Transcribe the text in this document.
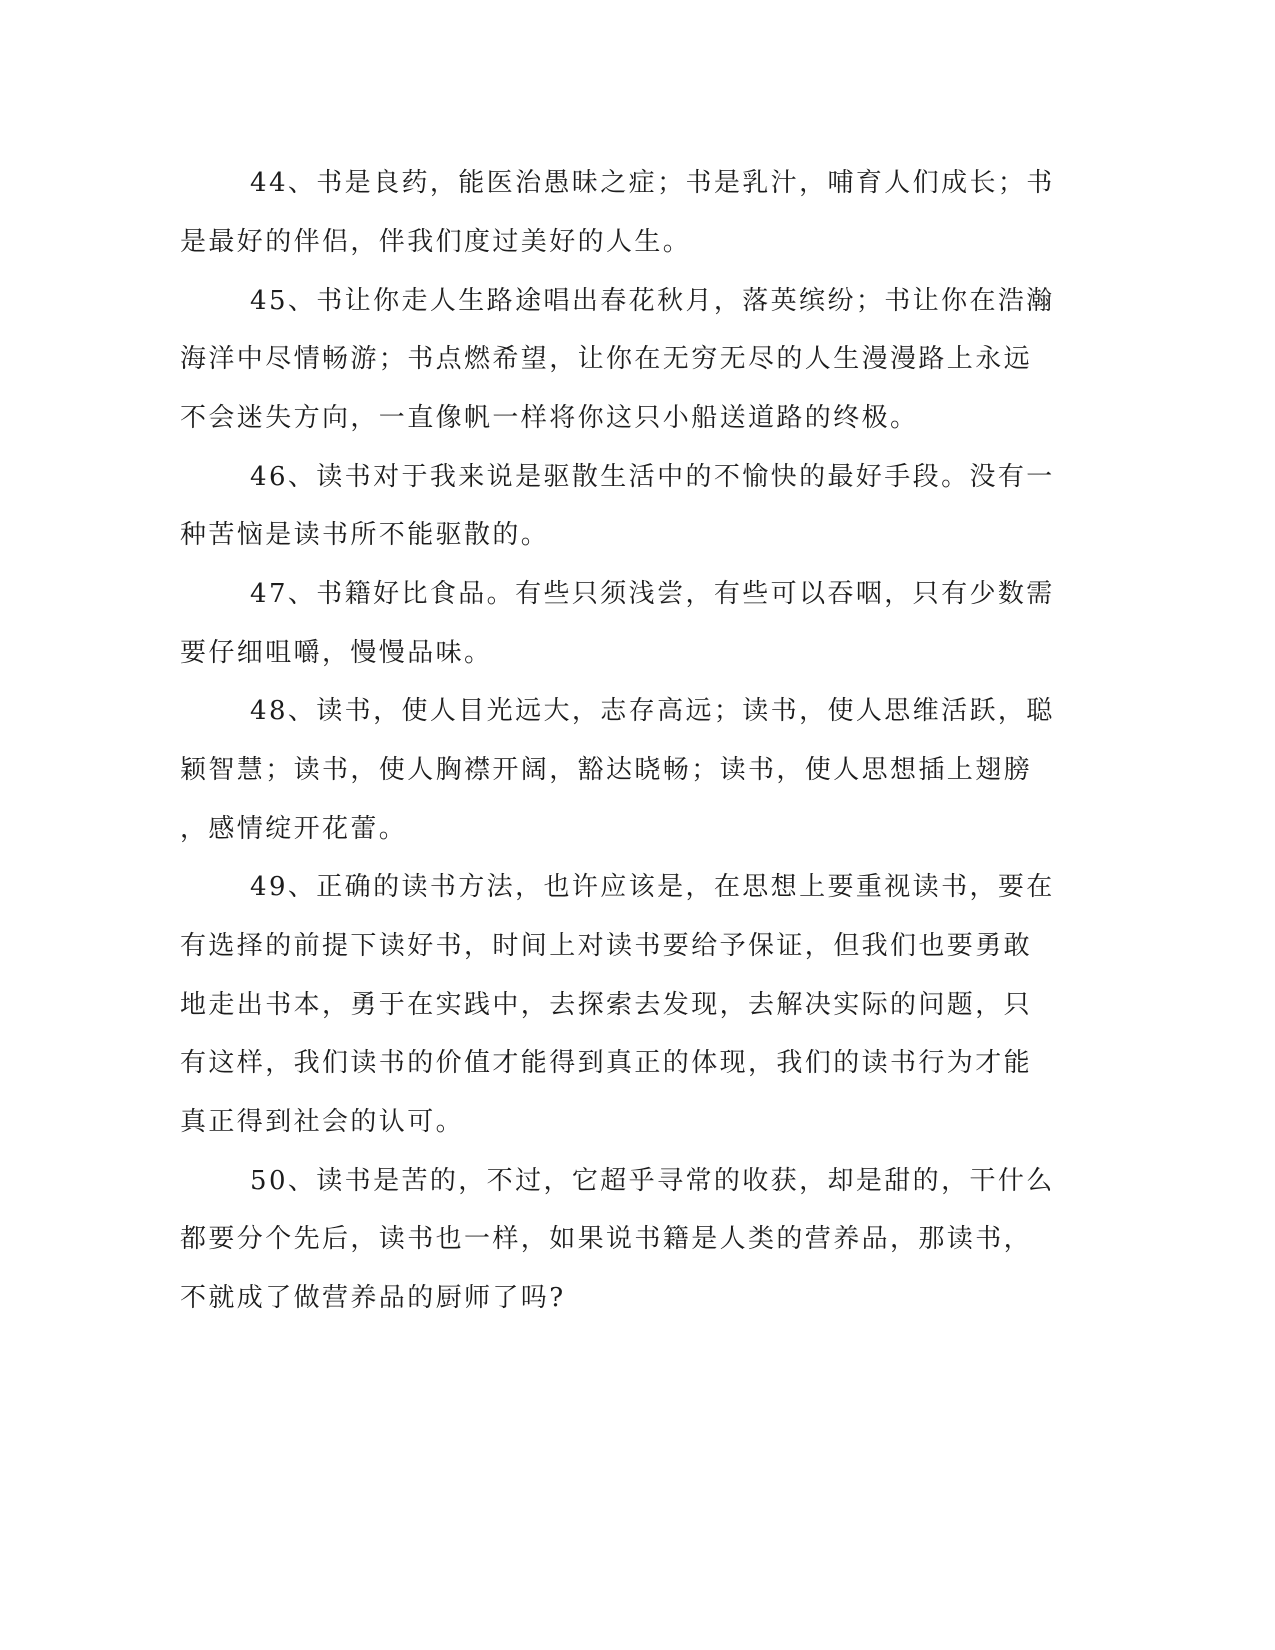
44、书是良药，能医治愚昧之症；书是乳汁，哺育人们成长；书

是最好的伴侣，伴我们度过美好的人生。

45、书让你走人生路途唱出春花秋月，落英缤纷；书让你在浩瀚

海洋中尽情畅游；书点燃希望，让你在无穷无尽的人生漫漫路上永远

不会迷失方向，一直像帆一样将你这只小船送道路的终极。

46、读书对于我来说是驱散生活中的不愉快的最好手段。没有一

种苦恼是读书所不能驱散的。

47、书籍好比食品。有些只须浅尝，有些可以吞咽，只有少数需

要仔细咀嚼，慢慢品味。

48、读书，使人目光远大，志存高远；读书，使人思维活跃，聪

颖智慧；读书，使人胸襟开阔，豁达晓畅；读书，使人思想插上翅膀

，感情绽开花蕾。

49、正确的读书方法，也许应该是，在思想上要重视读书，要在

有选择的前提下读好书，时间上对读书要给予保证，但我们也要勇敢

地走出书本，勇于在实践中，去探索去发现，去解决实际的问题，只

有这样，我们读书的价值才能得到真正的体现，我们的读书行为才能

真正得到社会的认可。

50、读书是苦的，不过，它超乎寻常的收获，却是甜的，干什么

都要分个先后，读书也一样，如果说书籍是人类的营养品，那读书，

不就成了做营养品的厨师了吗?
